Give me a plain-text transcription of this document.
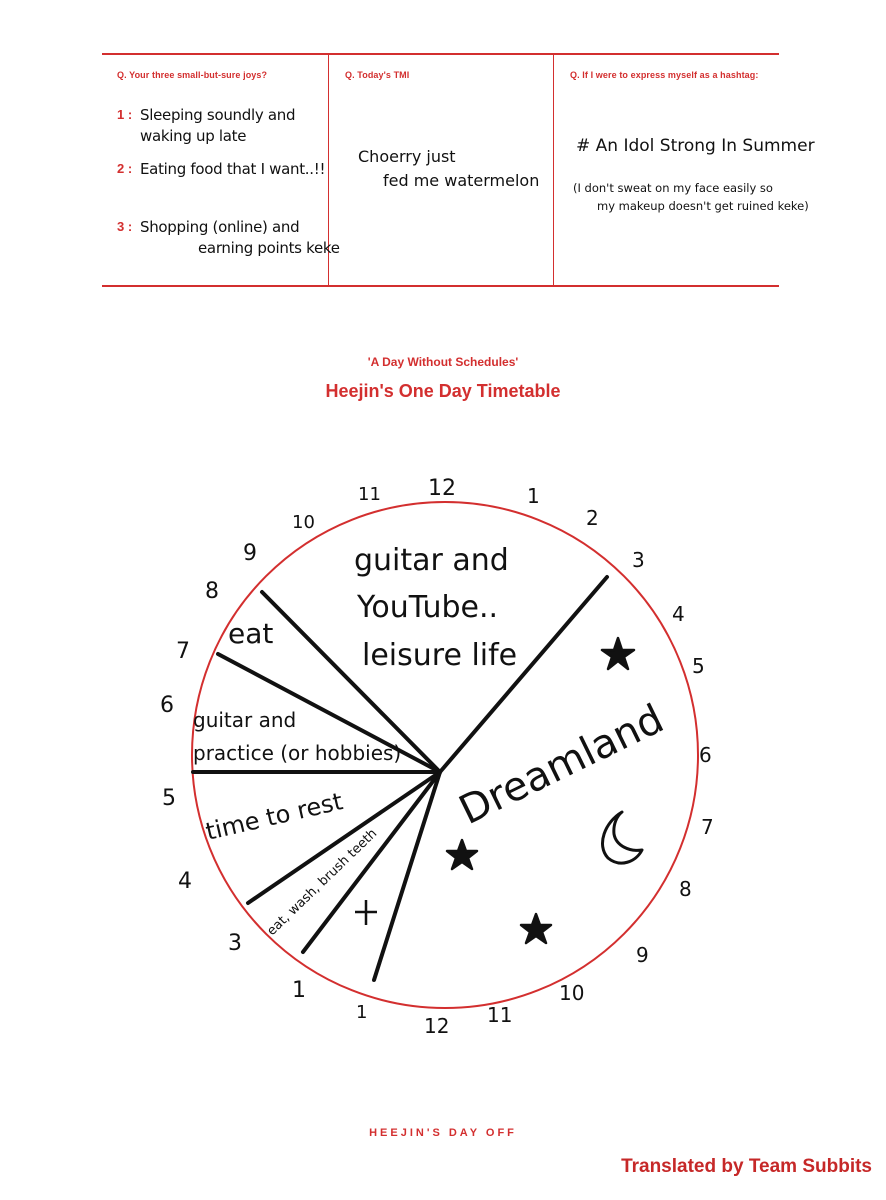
Q. Your three small-but-sure joys?	Q. Today's TMI	Q. If I were to express myself as a hashtag:
1 : Sleeping soundly and
waking up late
2 : Eating food that I want..!!
3 : Shopping (online) and
earning points keke
Choerry just
fed me watermelon
# An Idol Strong In Summer
(I don't sweat on my face easily so
my makeup doesn't get ruined keke)
'A Day Without Schedules'
Heejin's One Day Timetable
12
1
3
4
5
6
7
8
9
10
11
12
1
2
3
4
5
6
7
8
9
10
11
1
guitar and
YouTube..
leisure life
eat
guitar and
practice (or hobbies)
time to rest
eat, wash, brush teeth
Dreamland
HEEJIN'S DAY OFF
Translated by Team Subbits
